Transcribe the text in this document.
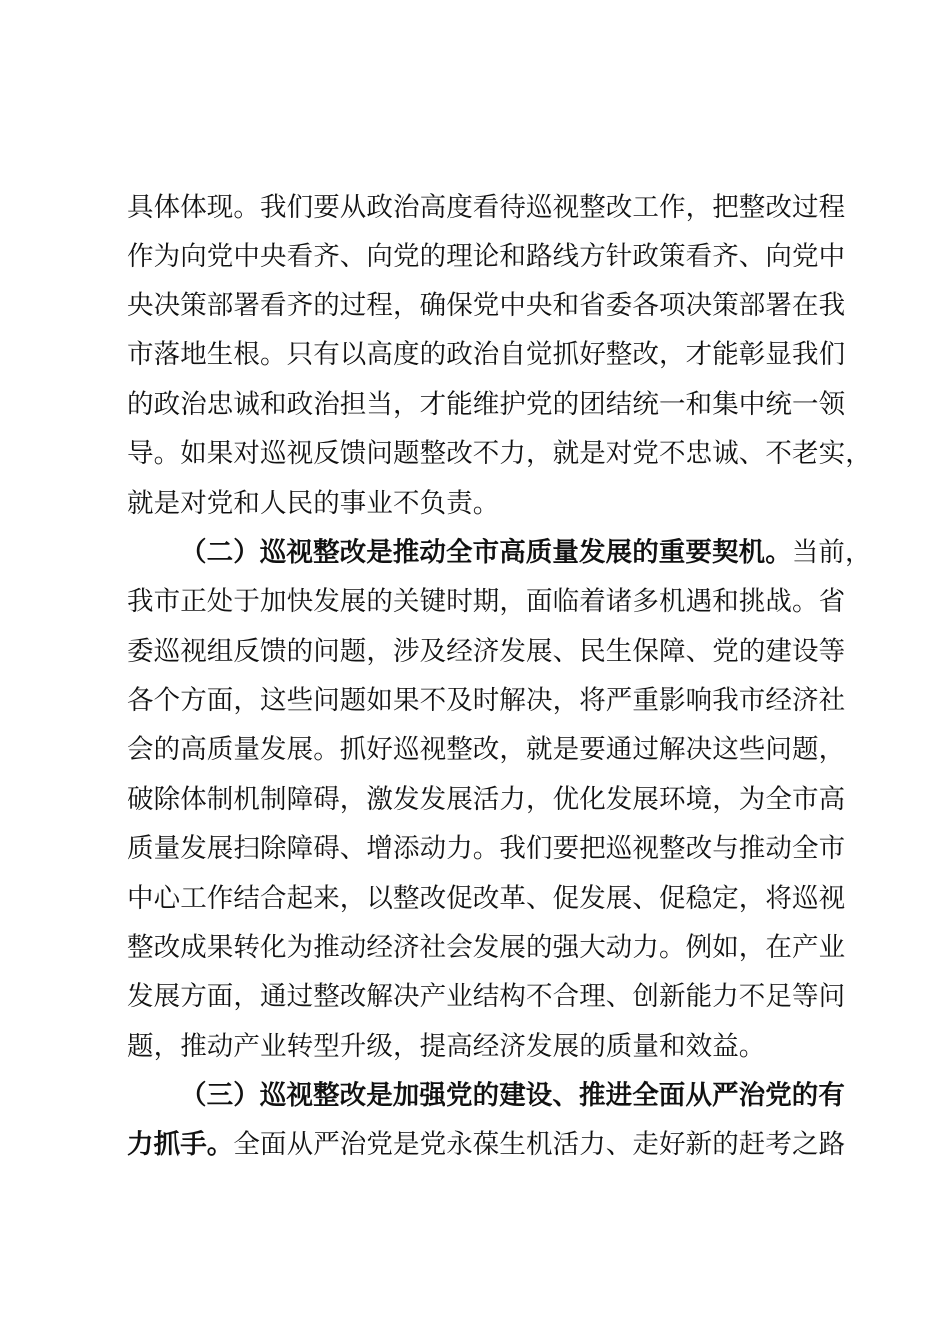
具体体现。我们要从政治高度看待巡视整改工作，把整改过程
作为向党中央看齐、向党的理论和路线方针政策看齐、向党中
央决策部署看齐的过程，确保党中央和省委各项决策部署在我
市落地生根。只有以高度的政治自觉抓好整改，才能彰显我们
的政治忠诚和政治担当，才能维护党的团结统一和集中统一领
导。如果对巡视反馈问题整改不力，就是对党不忠诚、不老实，
就是对党和人民的事业不负责。
（二）巡视整改是推动全市高质量发展的重要契机。当前，
我市正处于加快发展的关键时期，面临着诸多机遇和挑战。省
委巡视组反馈的问题，涉及经济发展、民生保障、党的建设等
各个方面，这些问题如果不及时解决，将严重影响我市经济社
会的高质量发展。抓好巡视整改，就是要通过解决这些问题，
破除体制机制障碍，激发发展活力，优化发展环境，为全市高
质量发展扫除障碍、增添动力。我们要把巡视整改与推动全市
中心工作结合起来，以整改促改革、促发展、促稳定，将巡视
整改成果转化为推动经济社会发展的强大动力。例如，在产业
发展方面，通过整改解决产业结构不合理、创新能力不足等问
题，推动产业转型升级，提高经济发展的质量和效益。
（三）巡视整改是加强党的建设、推进全面从严治党的有
力抓手。全面从严治党是党永葆生机活力、走好新的赶考之路
